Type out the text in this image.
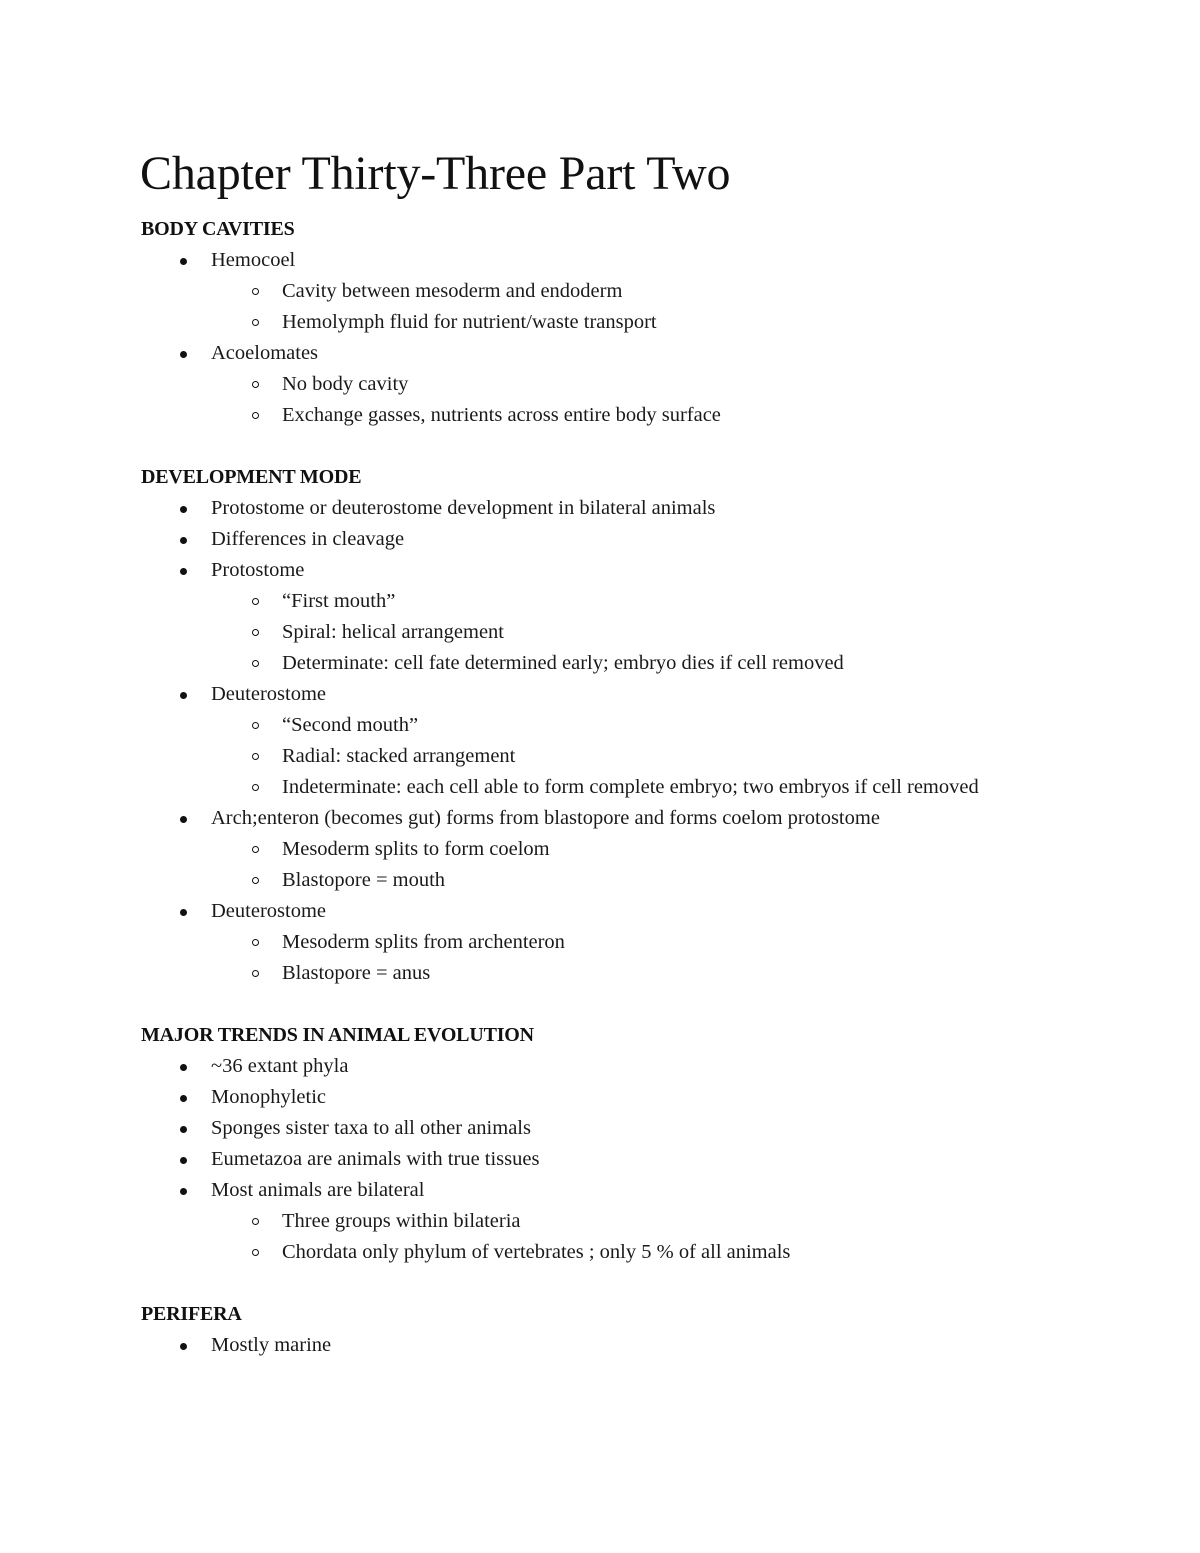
Chapter Thirty-Three Part Two
BODY CAVITIES
Hemocoel
Cavity between mesoderm and endoderm
Hemolymph fluid for nutrient/waste transport
Acoelomates
No body cavity
Exchange gasses, nutrients across entire body surface
DEVELOPMENT MODE
Protostome or deuterostome development in bilateral animals
Differences in cleavage
Protostome
“First mouth”
Spiral: helical arrangement
Determinate: cell fate determined early; embryo dies if cell removed
Deuterostome
“Second mouth”
Radial: stacked arrangement
Indeterminate: each cell able to form complete embryo; two embryos if cell removed
Arch;enteron (becomes gut) forms from blastopore and forms coelom protostome
Mesoderm splits to form coelom
Blastopore = mouth
Deuterostome
Mesoderm splits from archenteron
Blastopore = anus
MAJOR TRENDS IN ANIMAL EVOLUTION
~36 extant phyla
Monophyletic
Sponges sister taxa to all other animals
Eumetazoa are animals with true tissues
Most animals are bilateral
Three groups within bilateria
Chordata only phylum of vertebrates ; only 5 % of all animals
PERIFERA
Mostly marine
